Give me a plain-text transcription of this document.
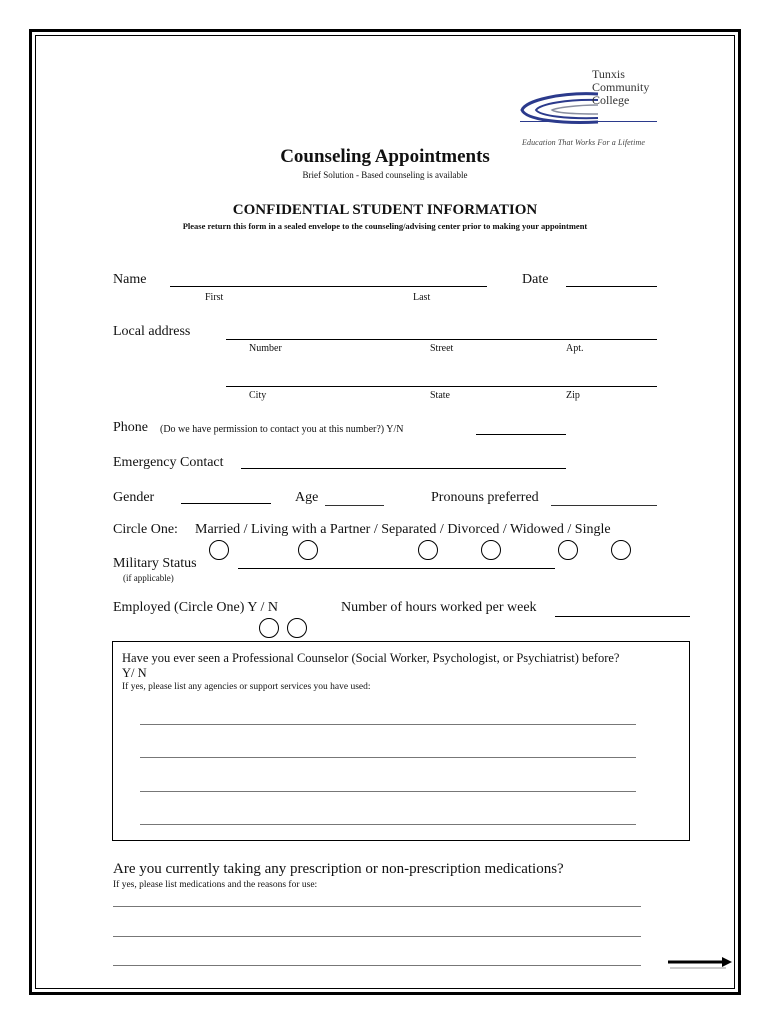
Tunxis
Community
College
Education That Works For a Lifetime
Counseling Appointments
Brief Solution - Based counseling is available
CONFIDENTIAL STUDENT INFORMATION
Please return this form in a sealed envelope to the counseling/advising center prior to making your appointment
Name
First	Last
Date
Local address
Number	Street	Apt.
City	State	Zip
Phone (Do we have permission to contact you at this number?) Y/N
Emergency Contact
Gender	Age	Pronouns preferred
Circle One: Married / Living with a Partner / Separated / Divorced / Widowed / Single
Military Status
(if applicable)
Employed (Circle One) Y / N	Number of hours worked per week
Have you ever seen a Professional Counselor (Social Worker, Psychologist, or Psychiatrist) before?
Y/ N
If yes, please list any agencies or support services you have used:
Are you currently taking any prescription or non-prescription medications?
If yes, please list medications and the reasons for use:
